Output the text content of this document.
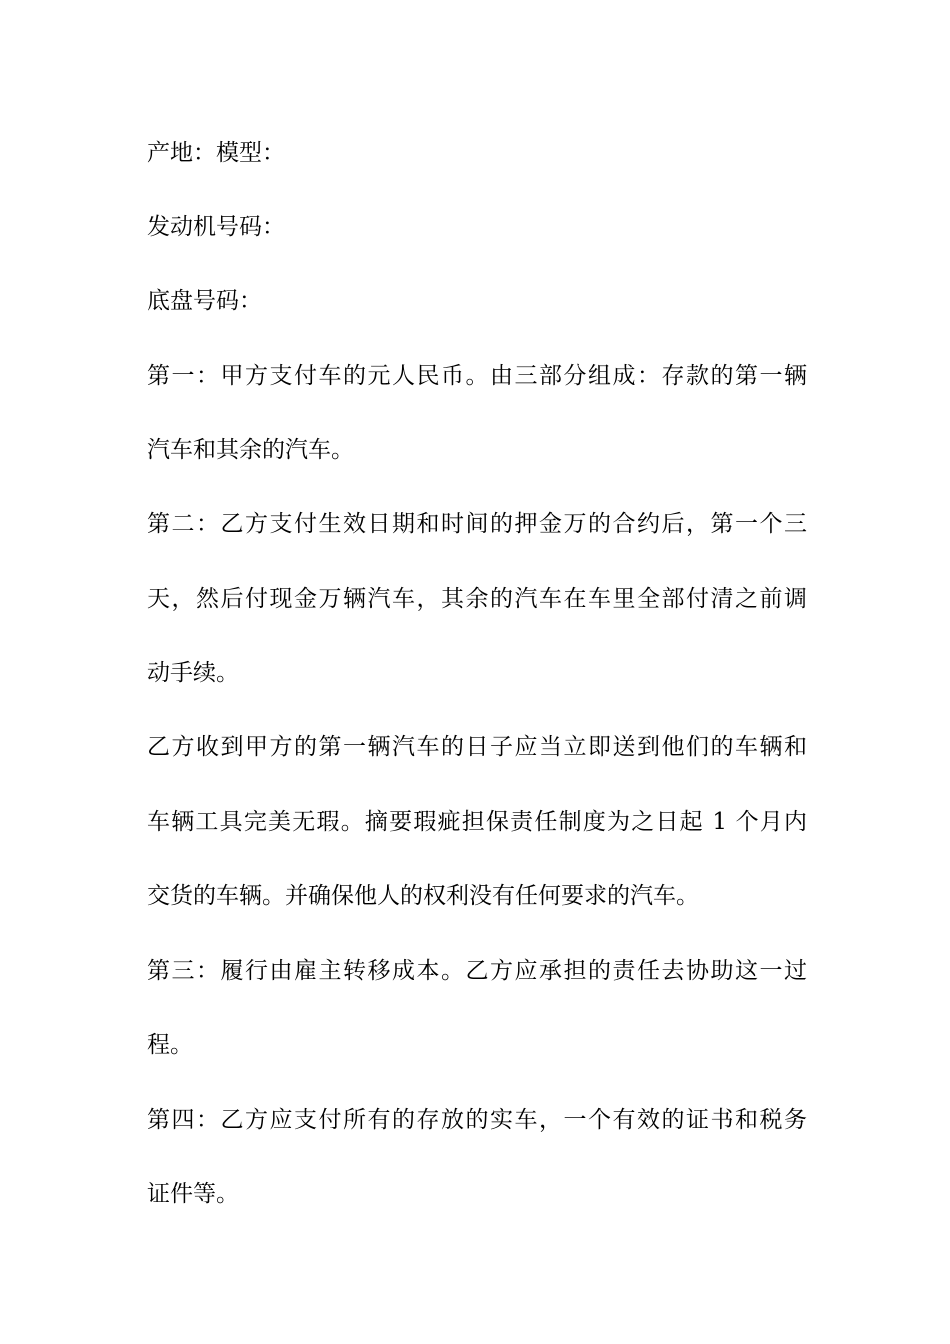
产地：模型：
发动机号码：
底盘号码：
第一：甲方支付车的元人民币。由三部分组成：存款的第一辆
汽车和其余的汽车。
第二：乙方支付生效日期和时间的押金万的合约后，第一个三
天，然后付现金万辆汽车，其余的汽车在车里全部付清之前调
动手续。
乙方收到甲方的第一辆汽车的日子应当立即送到他们的车辆和
车辆工具完美无瑕。摘要瑕疵担保责任制度为之日起 1 个月内
交货的车辆。并确保他人的权利没有任何要求的汽车。
第三：履行由雇主转移成本。乙方应承担的责任去协助这一过
程。
第四：乙方应支付所有的存放的实车，一个有效的证书和税务
证件等。
